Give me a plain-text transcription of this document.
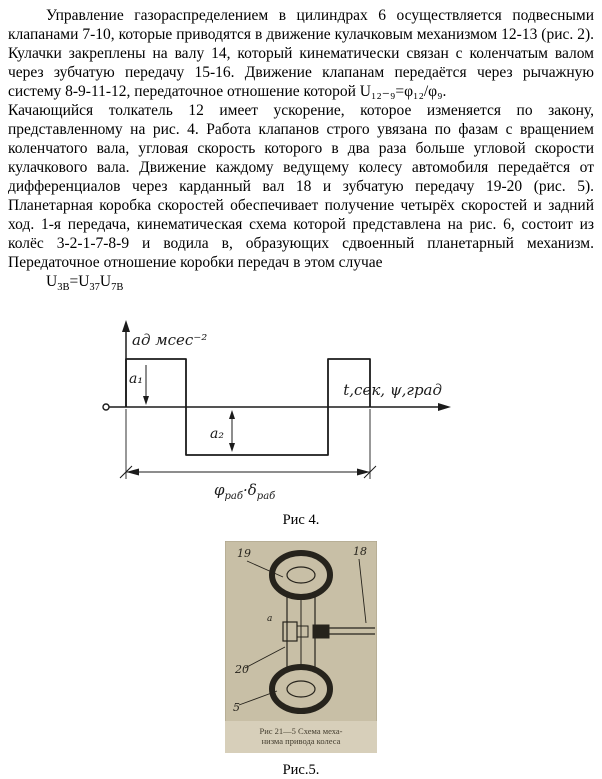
Управление газораспределением в цилиндрах 6 осуществляется подвесными клапанами 7-10, которые приводятся в движение кулачковым механизмом 12-13 (рис. 2). Кулачки закреплены на валу 14, который кинематически связан с коленчатым валом через зубчатую передачу 15-16. Движение клапанам передаётся через рычажную систему 8-9-11-12, передаточное отношение которой U₁₂₋₉=φ₁₂/φ₉.

Качающийся толкатель 12 имеет ускорение, которое изменяется по закону, представленному на рис. 4. Работа клапанов строго увязана по фазам с вращением коленчатого вала, угловая скорость которого в два раза больше угловой скорости кулачкового вала. Движение каждому ведущему колесу автомобиля передаётся от дифференциалов через карданный вал 18 и зубчатую передачу 19-20 (рис. 5). Планетарная коробка скоростей обеспечивает получение четырёх скоростей и задний ход. 1-я передача, кинематическая схема которой представлена на рис. 6, состоит из колёс 3-2-1-7-8-9 и водила в, образующих сдвоенный планетарный механизм. Передаточное отношение коробки передач в этом случае

$U_{3В}=U_{37}U_{7В}$

a₁
a₂
aд мсес⁻²
t,сек, ψ,град
$\varphi_{раб}\cdot\delta_{раб}$
Рис 4.
19	18
20
5
a
Рис 21—5 Схема меха-
низма привода колеса
Рис.5.
